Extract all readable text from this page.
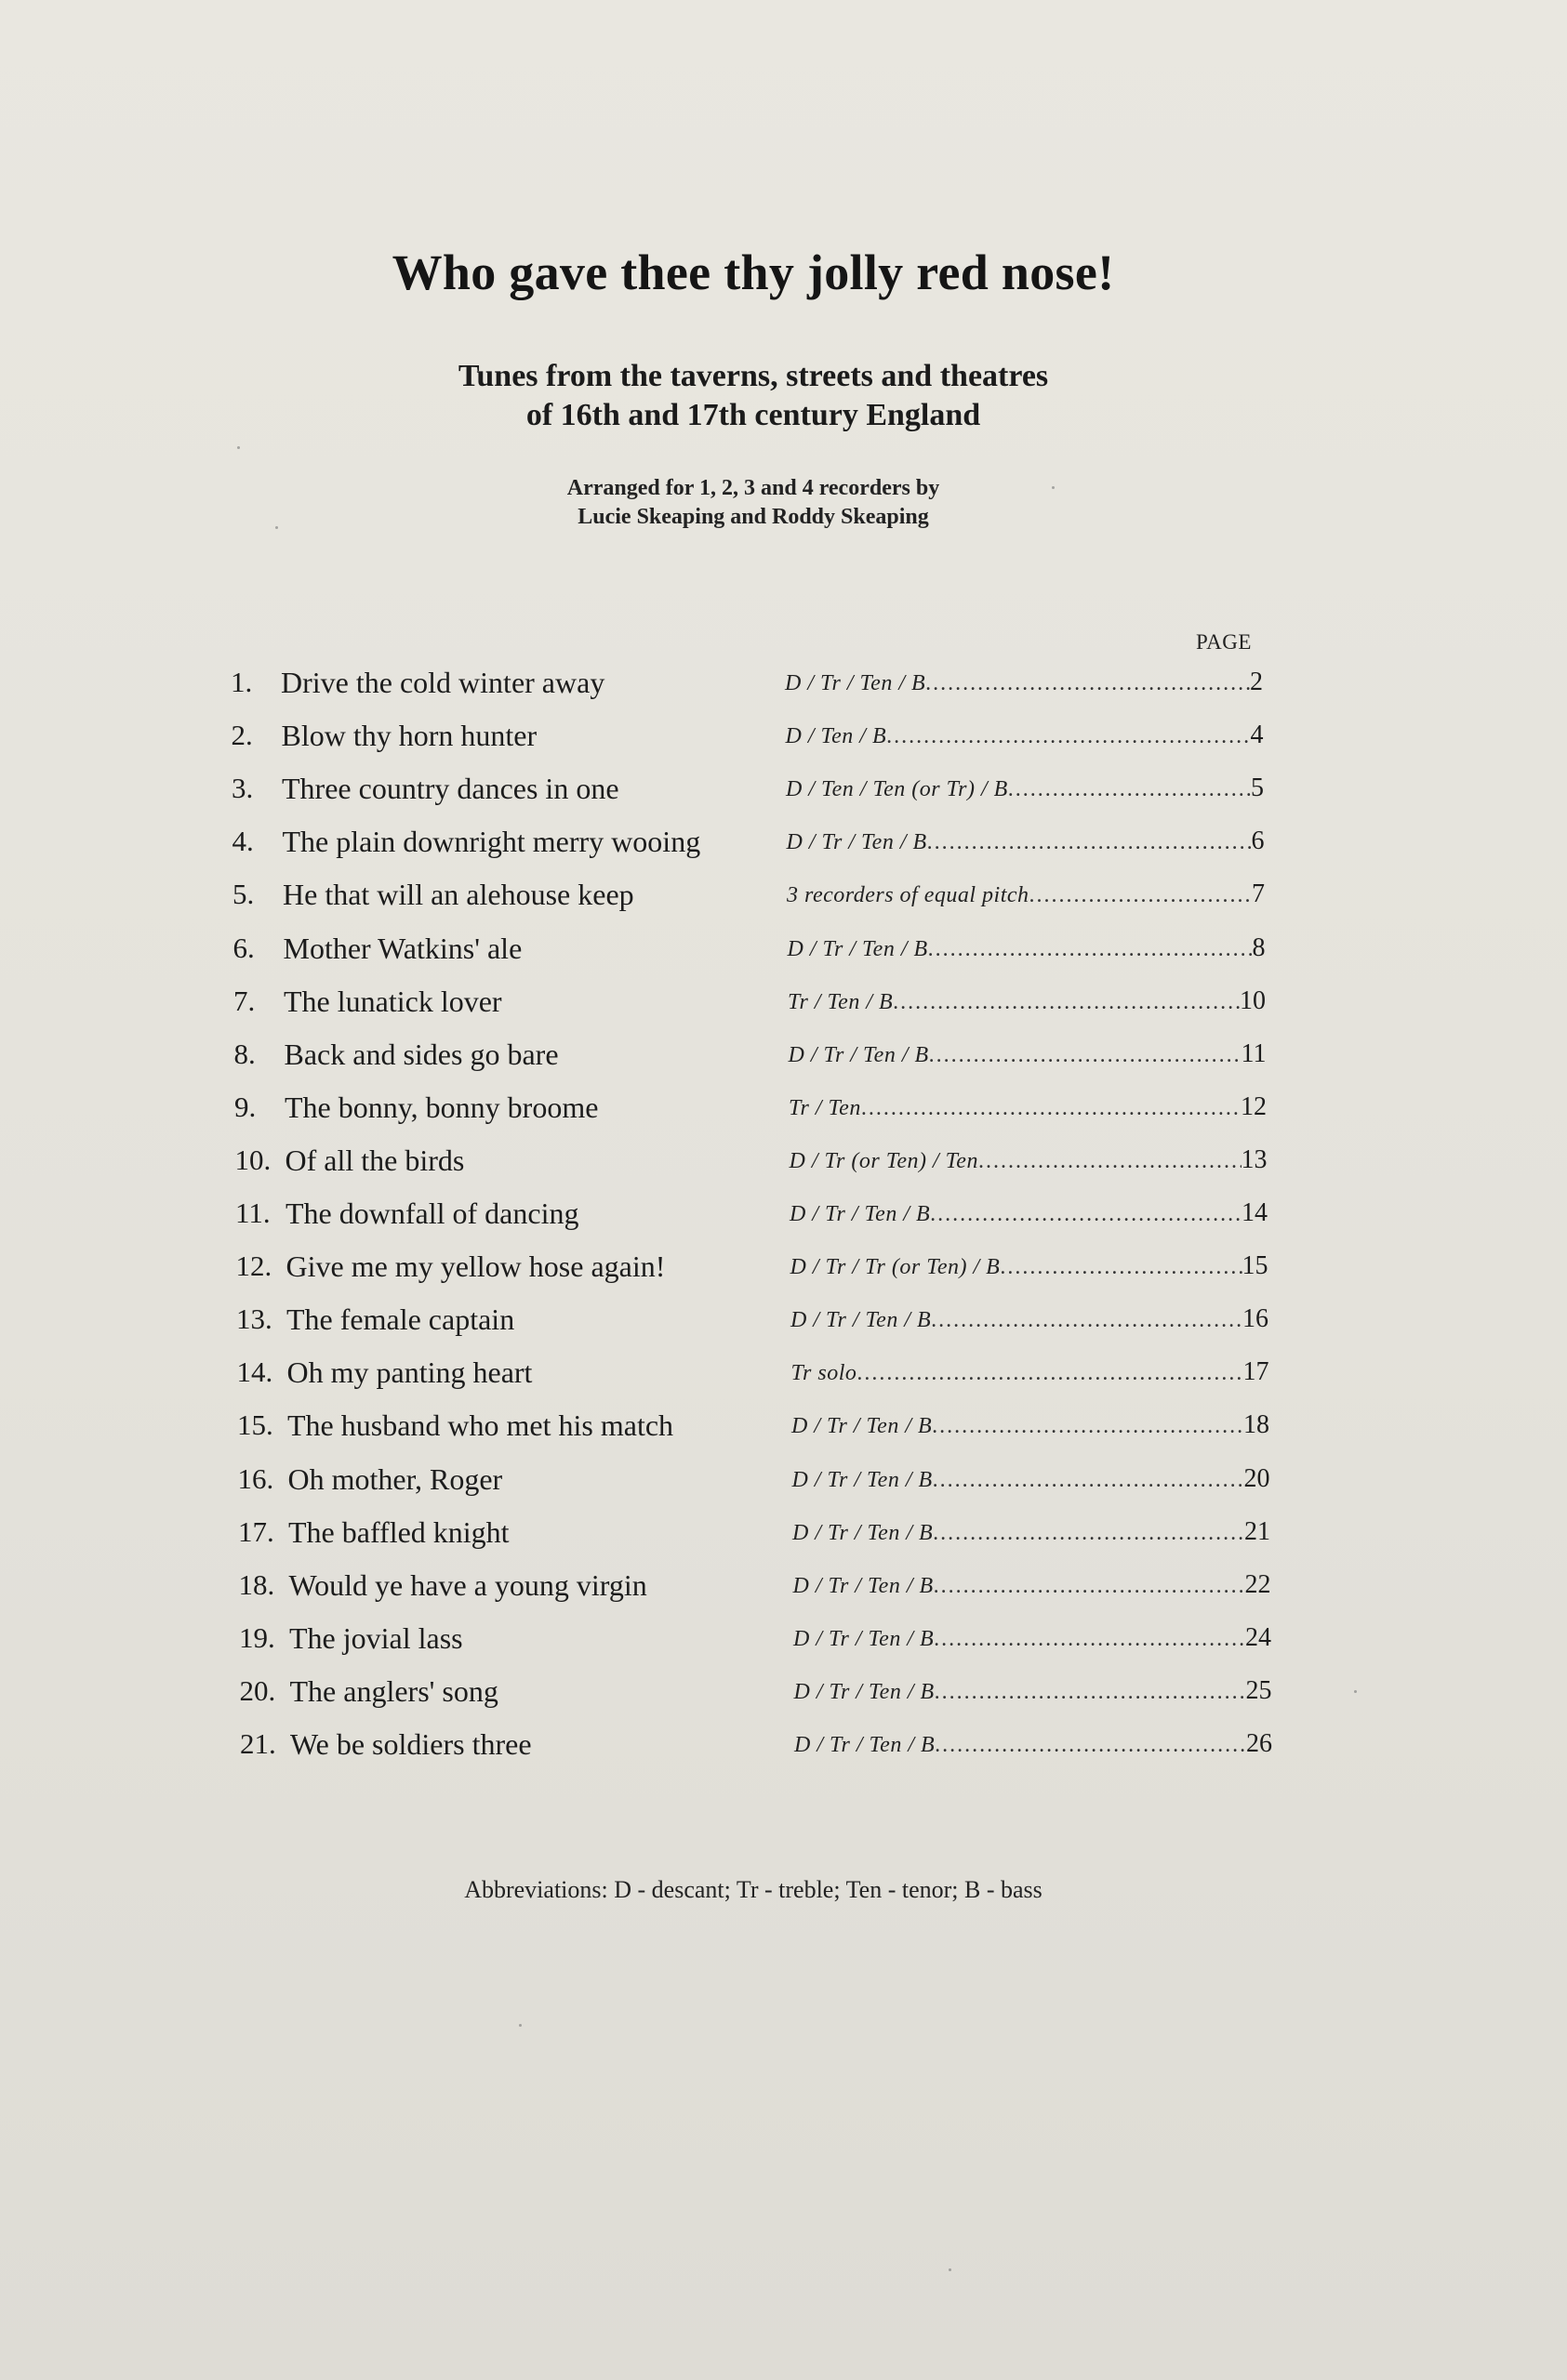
Who gave thee thy jolly red nose!
Tunes from the taverns, streets and theatres
of 16th and 17th century England
Arranged for 1, 2, 3 and 4 recorders by
Lucie Skeaping and Roddy Skeaping
PAGE
1. Drive the cold winter away	D / Tr / Ten / B .....	2
2. Blow thy horn hunter	D / Ten / B .....	4
3. Three country dances in one	D / Ten / Ten (or Tr) / B .....	5
4. The plain downright merry wooing	D / Tr / Ten / B .....	6
5. He that will an alehouse keep	3 recorders of equal pitch .....	7
6. Mother Watkins' ale	D / Tr / Ten / B .....	8
7. The lunatick lover	Tr / Ten / B .....	10
8. Back and sides go bare	D / Tr / Ten / B .....	11
9. The bonny, bonny broome	Tr / Ten .....	12
10. Of all the birds	D / Tr (or Ten) / Ten .....	13
11. The downfall of dancing	D / Tr / Ten / B .....	14
12. Give me my yellow hose again!	D / Tr / Tr (or Ten) / B .....	15
13. The female captain	D / Tr / Ten / B .....	16
14. Oh my panting heart	Tr solo .....	17
15. The husband who met his match	D / Tr / Ten / B .....	18
16. Oh mother, Roger	D / Tr / Ten / B .....	20
17. The baffled knight	D / Tr / Ten / B .....	21
18. Would ye have a young virgin	D / Tr / Ten / B .....	22
19. The jovial lass	D / Tr / Ten / B .....	24
20. The anglers' song	D / Tr / Ten / B .....	25
21. We be soldiers three	D / Tr / Ten / B .....	26
Abbreviations: D - descant; Tr - treble; Ten - tenor; B - bass
